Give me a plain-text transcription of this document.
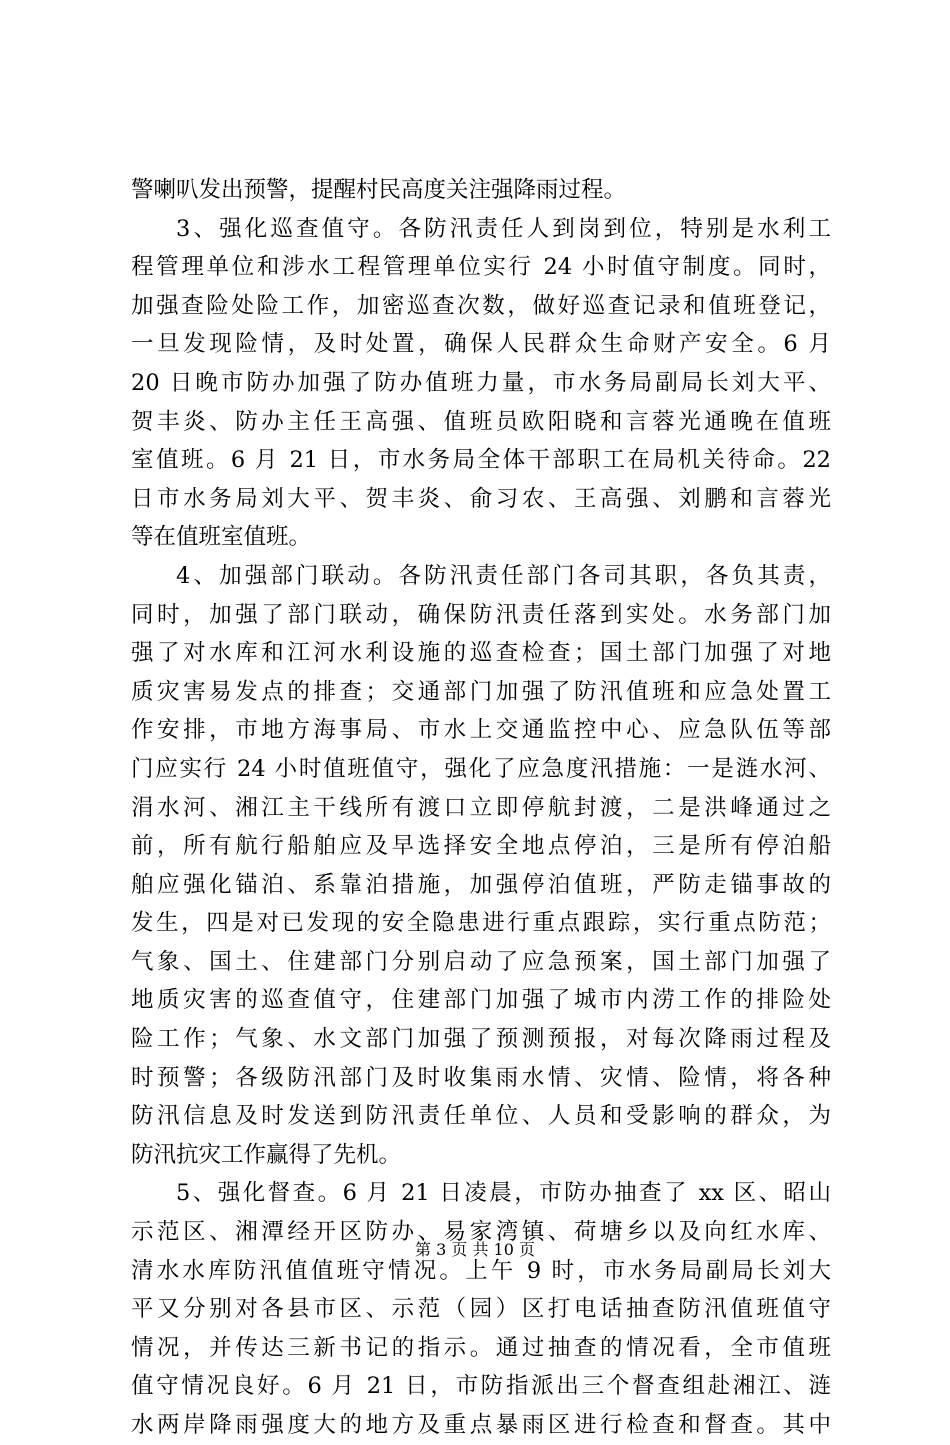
警喇叭发出预警，提醒村民高度关注强降雨过程。
3、强化巡查值守。各防汛责任人到岗到位，特别是水利工
程管理单位和涉水工程管理单位实行 24 小时值守制度。同时，
加强查险处险工作，加密巡查次数，做好巡查记录和值班登记，
一旦发现险情，及时处置，确保人民群众生命财产安全。6 月
20 日晚市防办加强了防办值班力量，市水务局副局长刘大平、
贺丰炎、防办主任王高强、值班员欧阳晓和言蓉光通晚在值班
室值班。6 月 21 日，市水务局全体干部职工在局机关待命。22
日市水务局刘大平、贺丰炎、俞习农、王高强、刘鹏和言蓉光
等在值班室值班。
4、加强部门联动。各防汛责任部门各司其职，各负其责，
同时，加强了部门联动，确保防汛责任落到实处。水务部门加
强了对水库和江河水利设施的巡查检查；国土部门加强了对地
质灾害易发点的排查；交通部门加强了防汛值班和应急处置工
作安排，市地方海事局、市水上交通监控中心、应急队伍等部
门应实行 24 小时值班值守，强化了应急度汛措施：一是涟水河、
涓水河、湘江主干线所有渡口立即停航封渡，二是洪峰通过之
前，所有航行船舶应及早选择安全地点停泊，三是所有停泊船
舶应强化锚泊、系靠泊措施，加强停泊值班，严防走锚事故的
发生，四是对已发现的安全隐患进行重点跟踪，实行重点防范；
气象、国土、住建部门分别启动了应急预案，国土部门加强了
地质灾害的巡查值守，住建部门加强了城市内涝工作的排险处
险工作；气象、水文部门加强了预测预报，对每次降雨过程及
时预警；各级防汛部门及时收集雨水情、灾情、险情，将各种
防汛信息及时发送到防汛责任单位、人员和受影响的群众，为
防汛抗灾工作赢得了先机。
5、强化督查。6 月 21 日凌晨，市防办抽查了 xx 区、昭山
示范区、湘潭经开区防办、易家湾镇、荷塘乡以及向红水库、
清水水库防汛值值班守情况。上午 9 时，市水务局副局长刘大
平又分别对各县市区、示范（园）区打电话抽查防汛值班值守
情况，并传达三新书记的指示。通过抽查的情况看，全市值班
值守情况良好。6 月 21 日，市防指派出三个督查组赴湘江、涟
水两岸降雨强度大的地方及重点暴雨区进行检查和督查。其中
第 3 页 共 10 页
